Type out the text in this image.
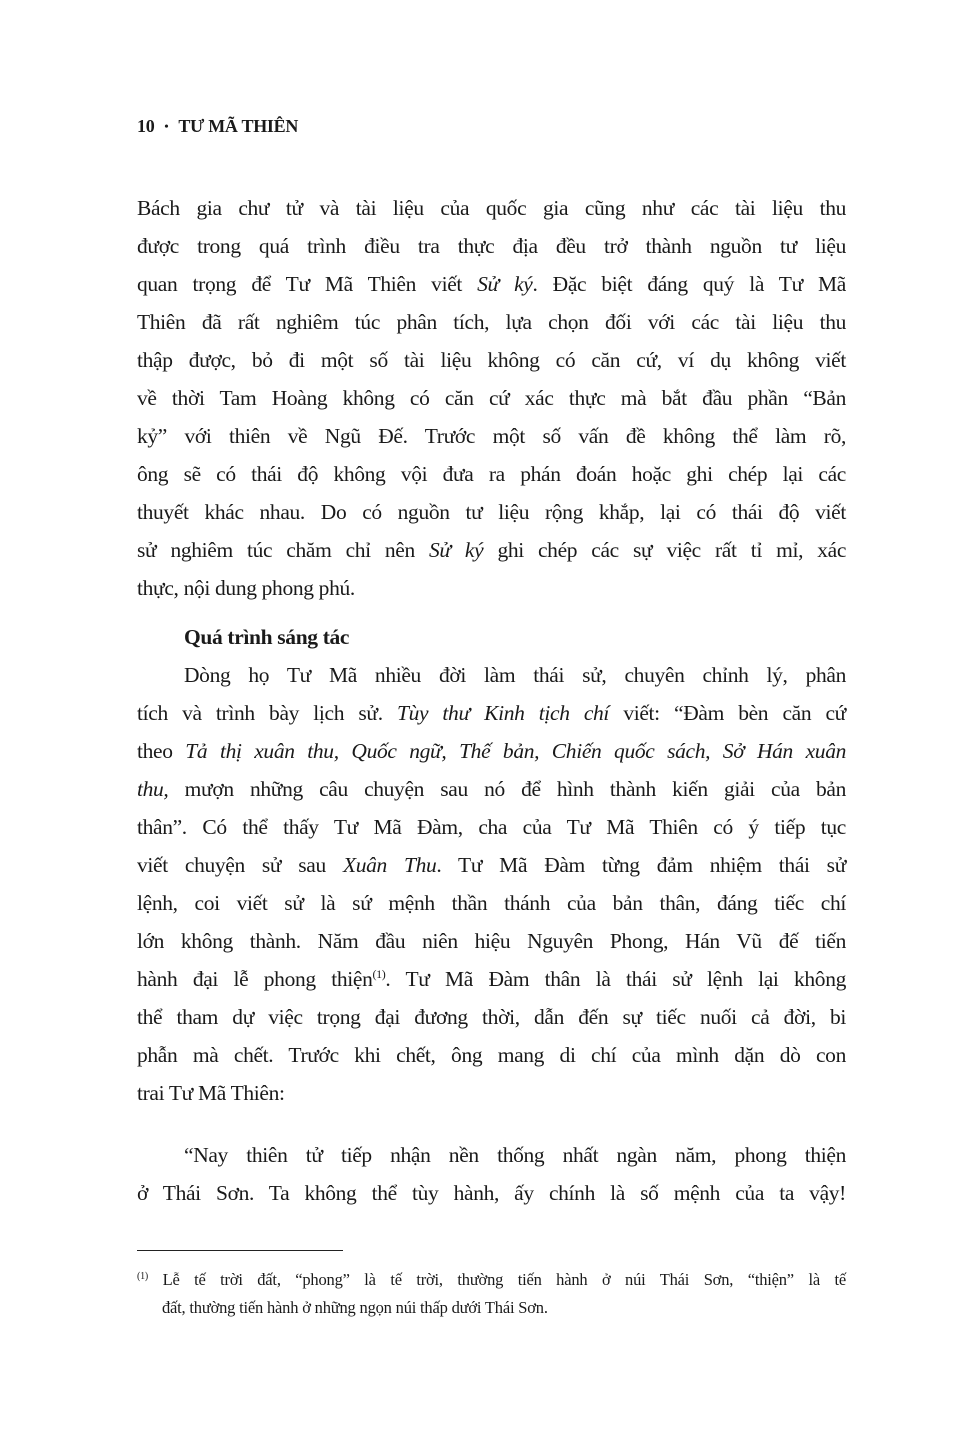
10 • TƯ MÃ THIÊN
Bách gia chư tử và tài liệu của quốc gia cũng như các tài liệu thu
được trong quá trình điều tra thực địa đều trở thành nguồn tư liệu
quan trọng để Tư Mã Thiên viết Sử ký. Đặc biệt đáng quý là Tư Mã
Thiên đã rất nghiêm túc phân tích, lựa chọn đối với các tài liệu thu
thập được, bỏ đi một số tài liệu không có căn cứ, ví dụ không viết
về thời Tam Hoàng không có căn cứ xác thực mà bắt đầu phần “Bản
kỷ” với thiên về Ngũ Đế. Trước một số vấn đề không thể làm rõ,
ông sẽ có thái độ không vội đưa ra phán đoán hoặc ghi chép lại các
thuyết khác nhau. Do có nguồn tư liệu rộng khắp, lại có thái độ viết
sử nghiêm túc chăm chỉ nên Sử ký ghi chép các sự việc rất tỉ mỉ, xác
thực, nội dung phong phú.
Quá trình sáng tác
Dòng họ Tư Mã nhiều đời làm thái sử, chuyên chỉnh lý, phân
tích và trình bày lịch sử. Tùy thư Kinh tịch chí viết: “Đàm bèn căn cứ
theo Tả thị xuân thu, Quốc ngữ, Thế bản, Chiến quốc sách, Sở Hán xuân
thu, mượn những câu chuyện sau nó để hình thành kiến giải của bản
thân”. Có thể thấy Tư Mã Đàm, cha của Tư Mã Thiên có ý tiếp tục
viết chuyện sử sau Xuân Thu. Tư Mã Đàm từng đảm nhiệm thái sử
lệnh, coi viết sử là sứ mệnh thần thánh của bản thân, đáng tiếc chí
lớn không thành. Năm đầu niên hiệu Nguyên Phong, Hán Vũ đế tiến
hành đại lễ phong thiện$^{(1)}$. Tư Mã Đàm thân là thái sử lệnh lại không
thể tham dự việc trọng đại đương thời, dẫn đến sự tiếc nuối cả đời, bi
phẫn mà chết. Trước khi chết, ông mang di chí của mình dặn dò con
trai Tư Mã Thiên:
“Nay thiên tử tiếp nhận nền thống nhất ngàn năm, phong thiện
ở Thái Sơn. Ta không thể tùy hành, ấy chính là số mệnh của ta vậy!
$^{(1)}$ Lễ tế trời đất, “phong” là tế trời, thường tiến hành ở núi Thái Sơn, “thiện” là tế
đất, thường tiến hành ở những ngọn núi thấp dưới Thái Sơn.
